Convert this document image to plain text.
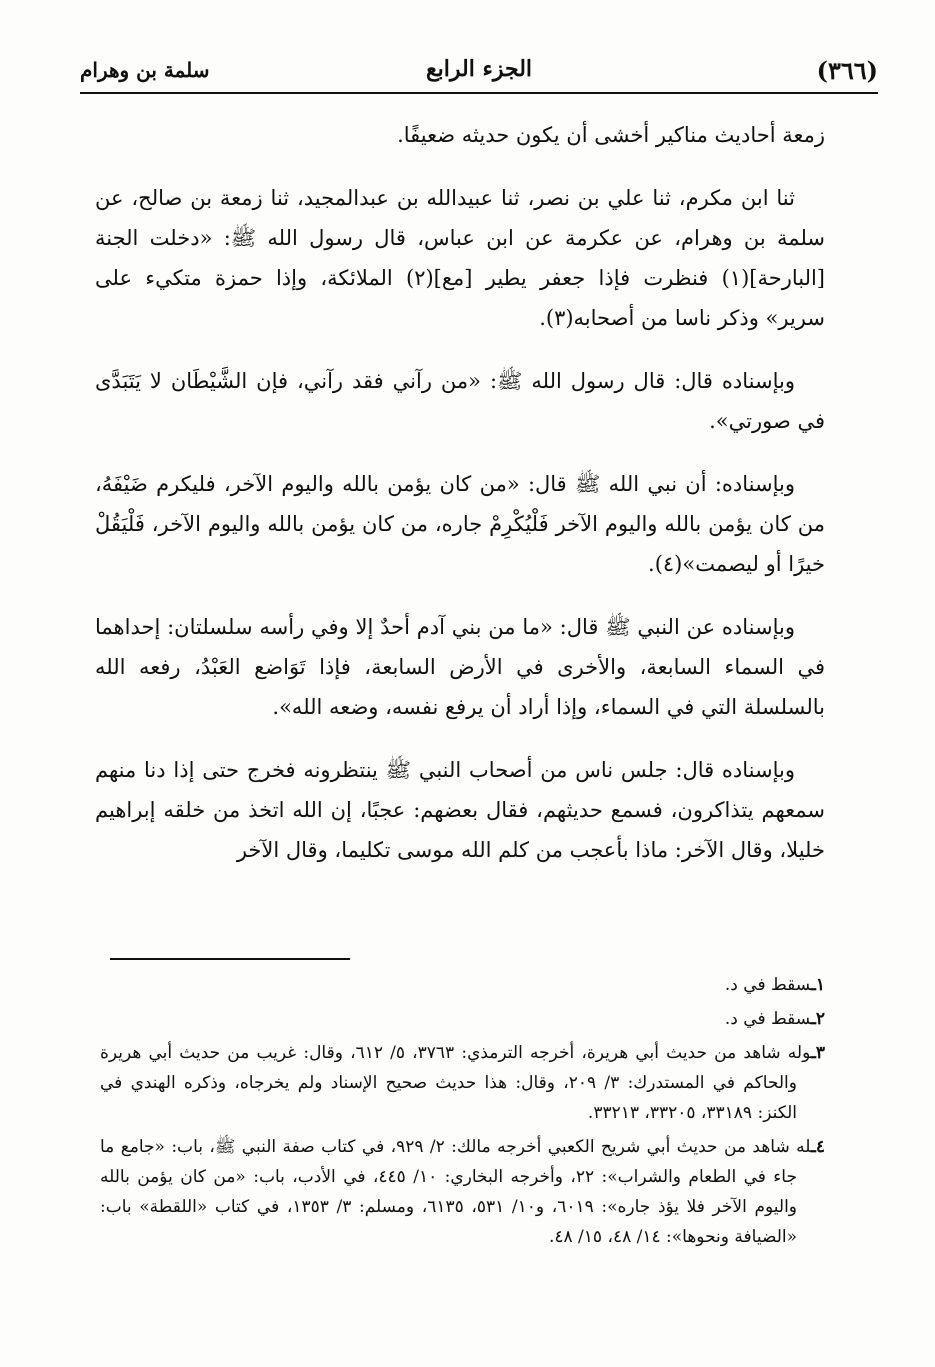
(٣٦٦)
الجزء الرابع
سلمة بن وهرام

زمعة أحاديث مناكير أخشى أن يكون حديثه ضعيفًا.

ثنا ابن مكرم، ثنا علي بن نصر، ثنا عبيدالله بن عبدالمجيد، ثنا زمعة بن صالح، عن سلمة بن وهرام، عن عكرمة عن ابن عباس، قال رسول الله ﷺ: «دخلت الجنة [البارحة](١) فنظرت فإذا جعفر يطير [مع](٢) الملائكة، وإذا حمزة متكيء على سرير» وذكر ناسا من أصحابه(٣).

وبإسناده قال: قال رسول الله ﷺ: «من رآني فقد رآني، فإن الشَّيْطَان لا يَتَبَدَّى في صورتي».

وبإسناده: أن نبي الله ﷺ قال: «من كان يؤمن بالله واليوم الآخر، فليكرم ضَيْفَهُ، من كان يؤمن بالله واليوم الآخر فَلْيُكْرِمْ جاره، من كان يؤمن بالله واليوم الآخر، فَلْيَقُلْ خيرًا أو ليصمت»(٤).

وبإسناده عن النبي ﷺ قال: «ما من بني آدم أحدٌ إلا وفي رأسه سلسلتان: إحداهما في السماء السابعة، والأخرى في الأرض السابعة، فإذا تَوَاضع العَبْدُ، رفعه الله بالسلسلة التي في السماء، وإذا أراد أن يرفع نفسه، وضعه الله».

وبإسناده قال: جلس ناس من أصحاب النبي ﷺ ينتظرونه فخرج حتى إذا دنا منهم سمعهم يتذاكرون، فسمع حديثهم، فقال بعضهم: عجبًا، إن الله اتخذ من خلقه إبراهيم خليلا، وقال الآخر: ماذا بأعجب من كلم الله موسى تكليما، وقال الآخر

١ـسقط في د.
٢ـسقط في د.
٣ـوله شاهد من حديث أبي هريرة، أخرجه الترمذي: ٣٧٦٣، ٥/ ٦١٢، وقال: غريب من حديث أبي هريرة والحاكم في المستدرك: ٣/ ٢٠٩، وقال: هذا حديث صحيح الإسناد ولم يخرجاه، وذكره الهندي في الكنز: ٣٣١٨٩، ٣٣٢٠٥، ٣٣٢١٣.
٤ـله شاهد من حديث أبي شريح الكعبي أخرجه مالك: ٢/ ٩٢٩، في كتاب صفة النبي ﷺ، باب: «جامع ما جاء في الطعام والشراب»: ٢٢، وأخرجه البخاري: ١٠/ ٤٤٥، في الأدب، باب: «من كان يؤمن بالله واليوم الآخر فلا يؤذ جاره»: ٦٠١٩، و١٠/ ٥٣١، ٦١٣٥، ومسلم: ٣/ ١٣٥٣، في كتاب «اللقطة» باب: «الضيافة ونحوها»: ١٤/ ٤٨، ١٥/ ٤٨.
